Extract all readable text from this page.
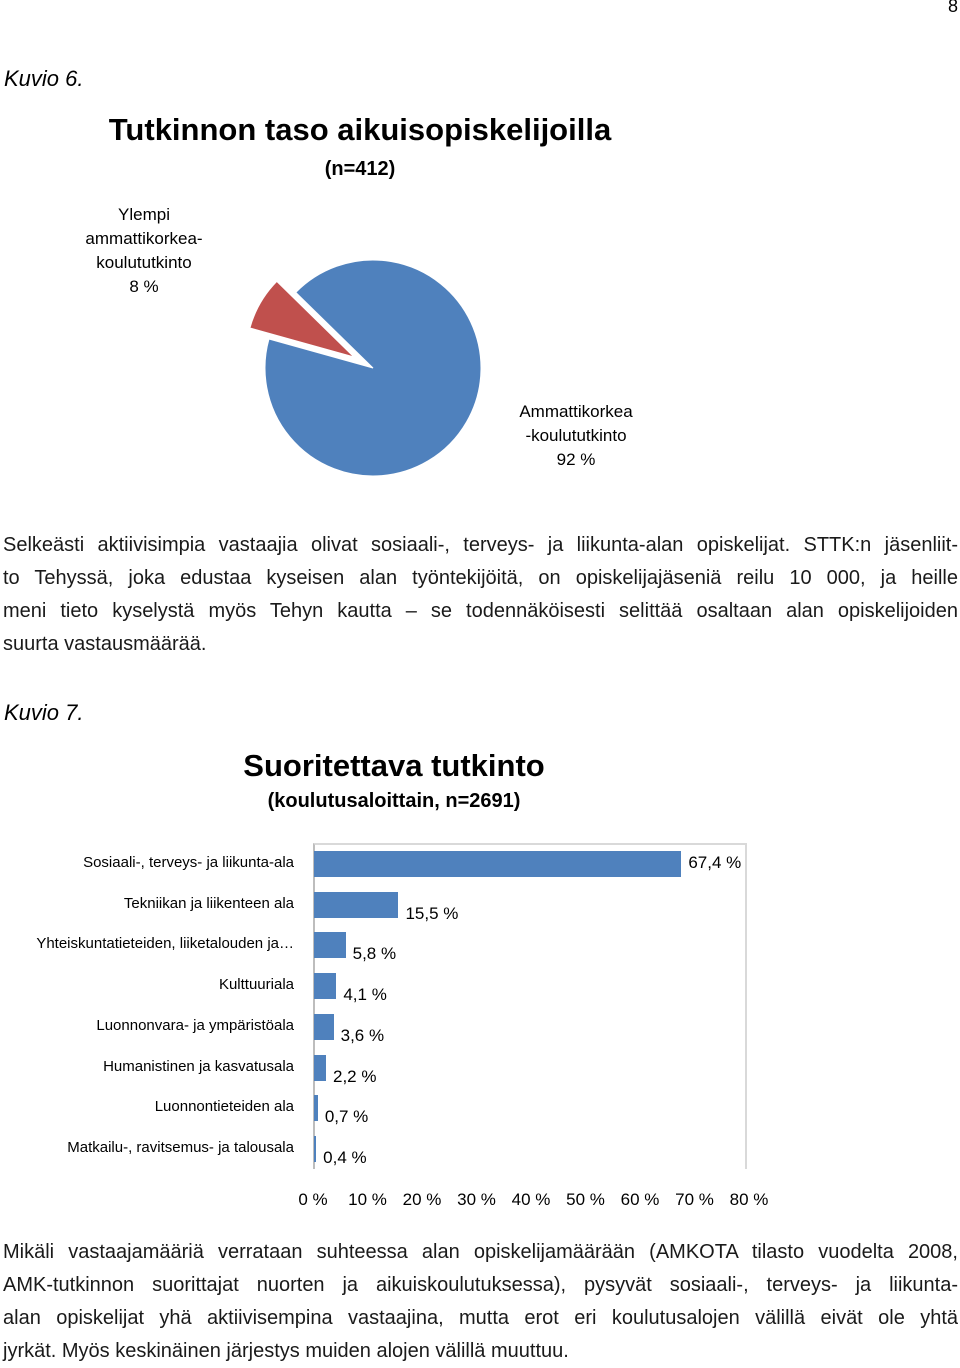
8
Kuvio 6.
Tutkinnon taso aikuisopiskelijoilla
(n=412)
Ylempi
ammattikorkea-
koulututkinto
8 %
Ammattikorkea
-koulututkinto
92 %
Selkeästi aktiivisimpia vastaajia olivat sosiaali-, terveys- ja liikunta-alan opiskelijat. STTK:n jäsenliit-
to Tehyssä, joka edustaa kyseisen alan työntekijöitä, on opiskelijajäseniä reilu 10 000, ja heille
meni tieto kyselystä myös Tehyn kautta – se todennäköisesti selittää osaltaan alan opiskelijoiden
suurta vastausmäärää.
Kuvio 7.
Suoritettava tutkinto
(koulutusaloittain, n=2691)
Sosiaali-, terveys- ja liikunta-ala	67,4 %
Tekniikan ja liikenteen ala
15,5 %
Yhteiskuntatieteiden, liiketalouden ja…
5,8 %
Kulttuuriala
4,1 %
Luonnonvara- ja ympäristöala
3,6 %
Humanistinen ja kasvatusala
2,2 %
Luonnontieteiden ala
0,7 %
Matkailu-, ravitsemus- ja talousala
0,4 %
0 % 10 % 20 % 30 % 40 % 50 % 60 % 70 % 80 %
Mikäli vastaajamääriä verrataan suhteessa alan opiskelijamäärään (AMKOTA tilasto vuodelta 2008,
AMK-tutkinnon suorittajat nuorten ja aikuiskoulutuksessa), pysyvät sosiaali-, terveys- ja liikunta-
alan opiskelijat yhä aktiivisempina vastaajina, mutta erot eri koulutusalojen välillä eivät ole yhtä
jyrkät. Myös keskinäinen järjestys muiden alojen välillä muuttuu.
